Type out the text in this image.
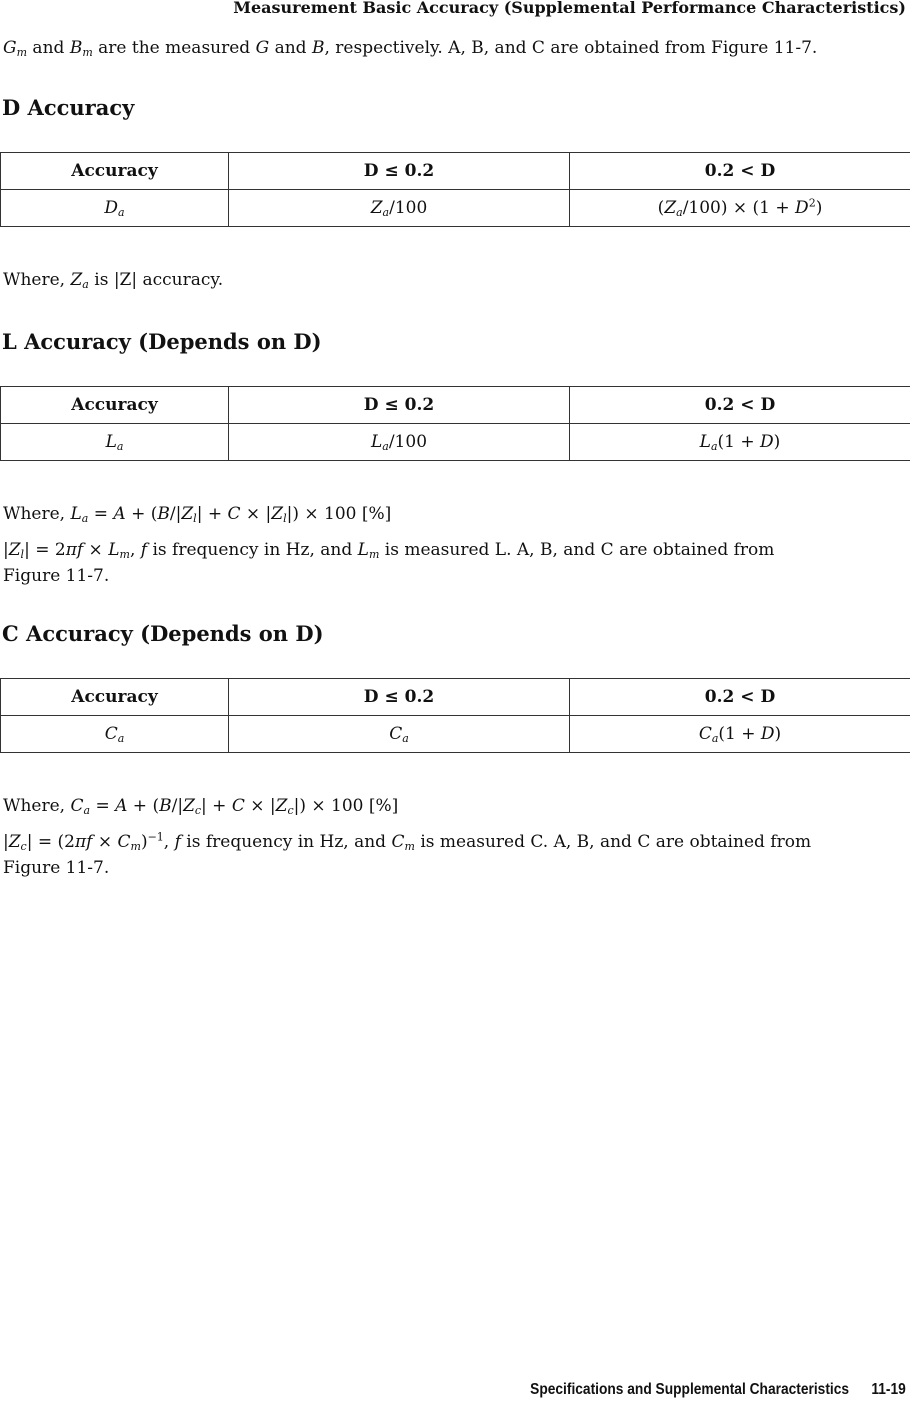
Measurement Basic Accuracy (Supplemental Performance Characteristics)
$G_m$ and $B_m$ are the measured G and B, respectively. A, B, and C are obtained from Figure 11-7.
D Accuracy
Accuracy	D ≤ 0.2	0.2 < D
$D_a$	$Z_a/100$	$(Z_a/100) \times (1 + D^2)$
Where, $Z_a$ is |Z| accuracy.
L Accuracy (Depends on D)
Accuracy	D ≤ 0.2	0.2 < D
$L_a$	$L_a/100$	$L_a(1 + D)$
Where, $L_a = A + (B/|Z_l| + C \times |Z_l|) \times 100$ [%]
$|Z_l| = 2\pi f \times L_m$, f is frequency in Hz, and $L_m$ is measured L. A, B, and C are obtained from
Figure 11-7.
C Accuracy (Depends on D)
Accuracy	D ≤ 0.2	0.2 < D
$C_a$	$C_a$	$C_a(1 + D)$
Where, $C_a = A + (B/|Z_c| + C \times |Z_c|) \times 100$ [%]
$|Z_c| = (2\pi f \times C_m)^{-1}$, f is frequency in Hz, and $C_m$ is measured C. A, B, and C are obtained from
Figure 11-7.
Specifications and Supplemental Characteristics 11-19
